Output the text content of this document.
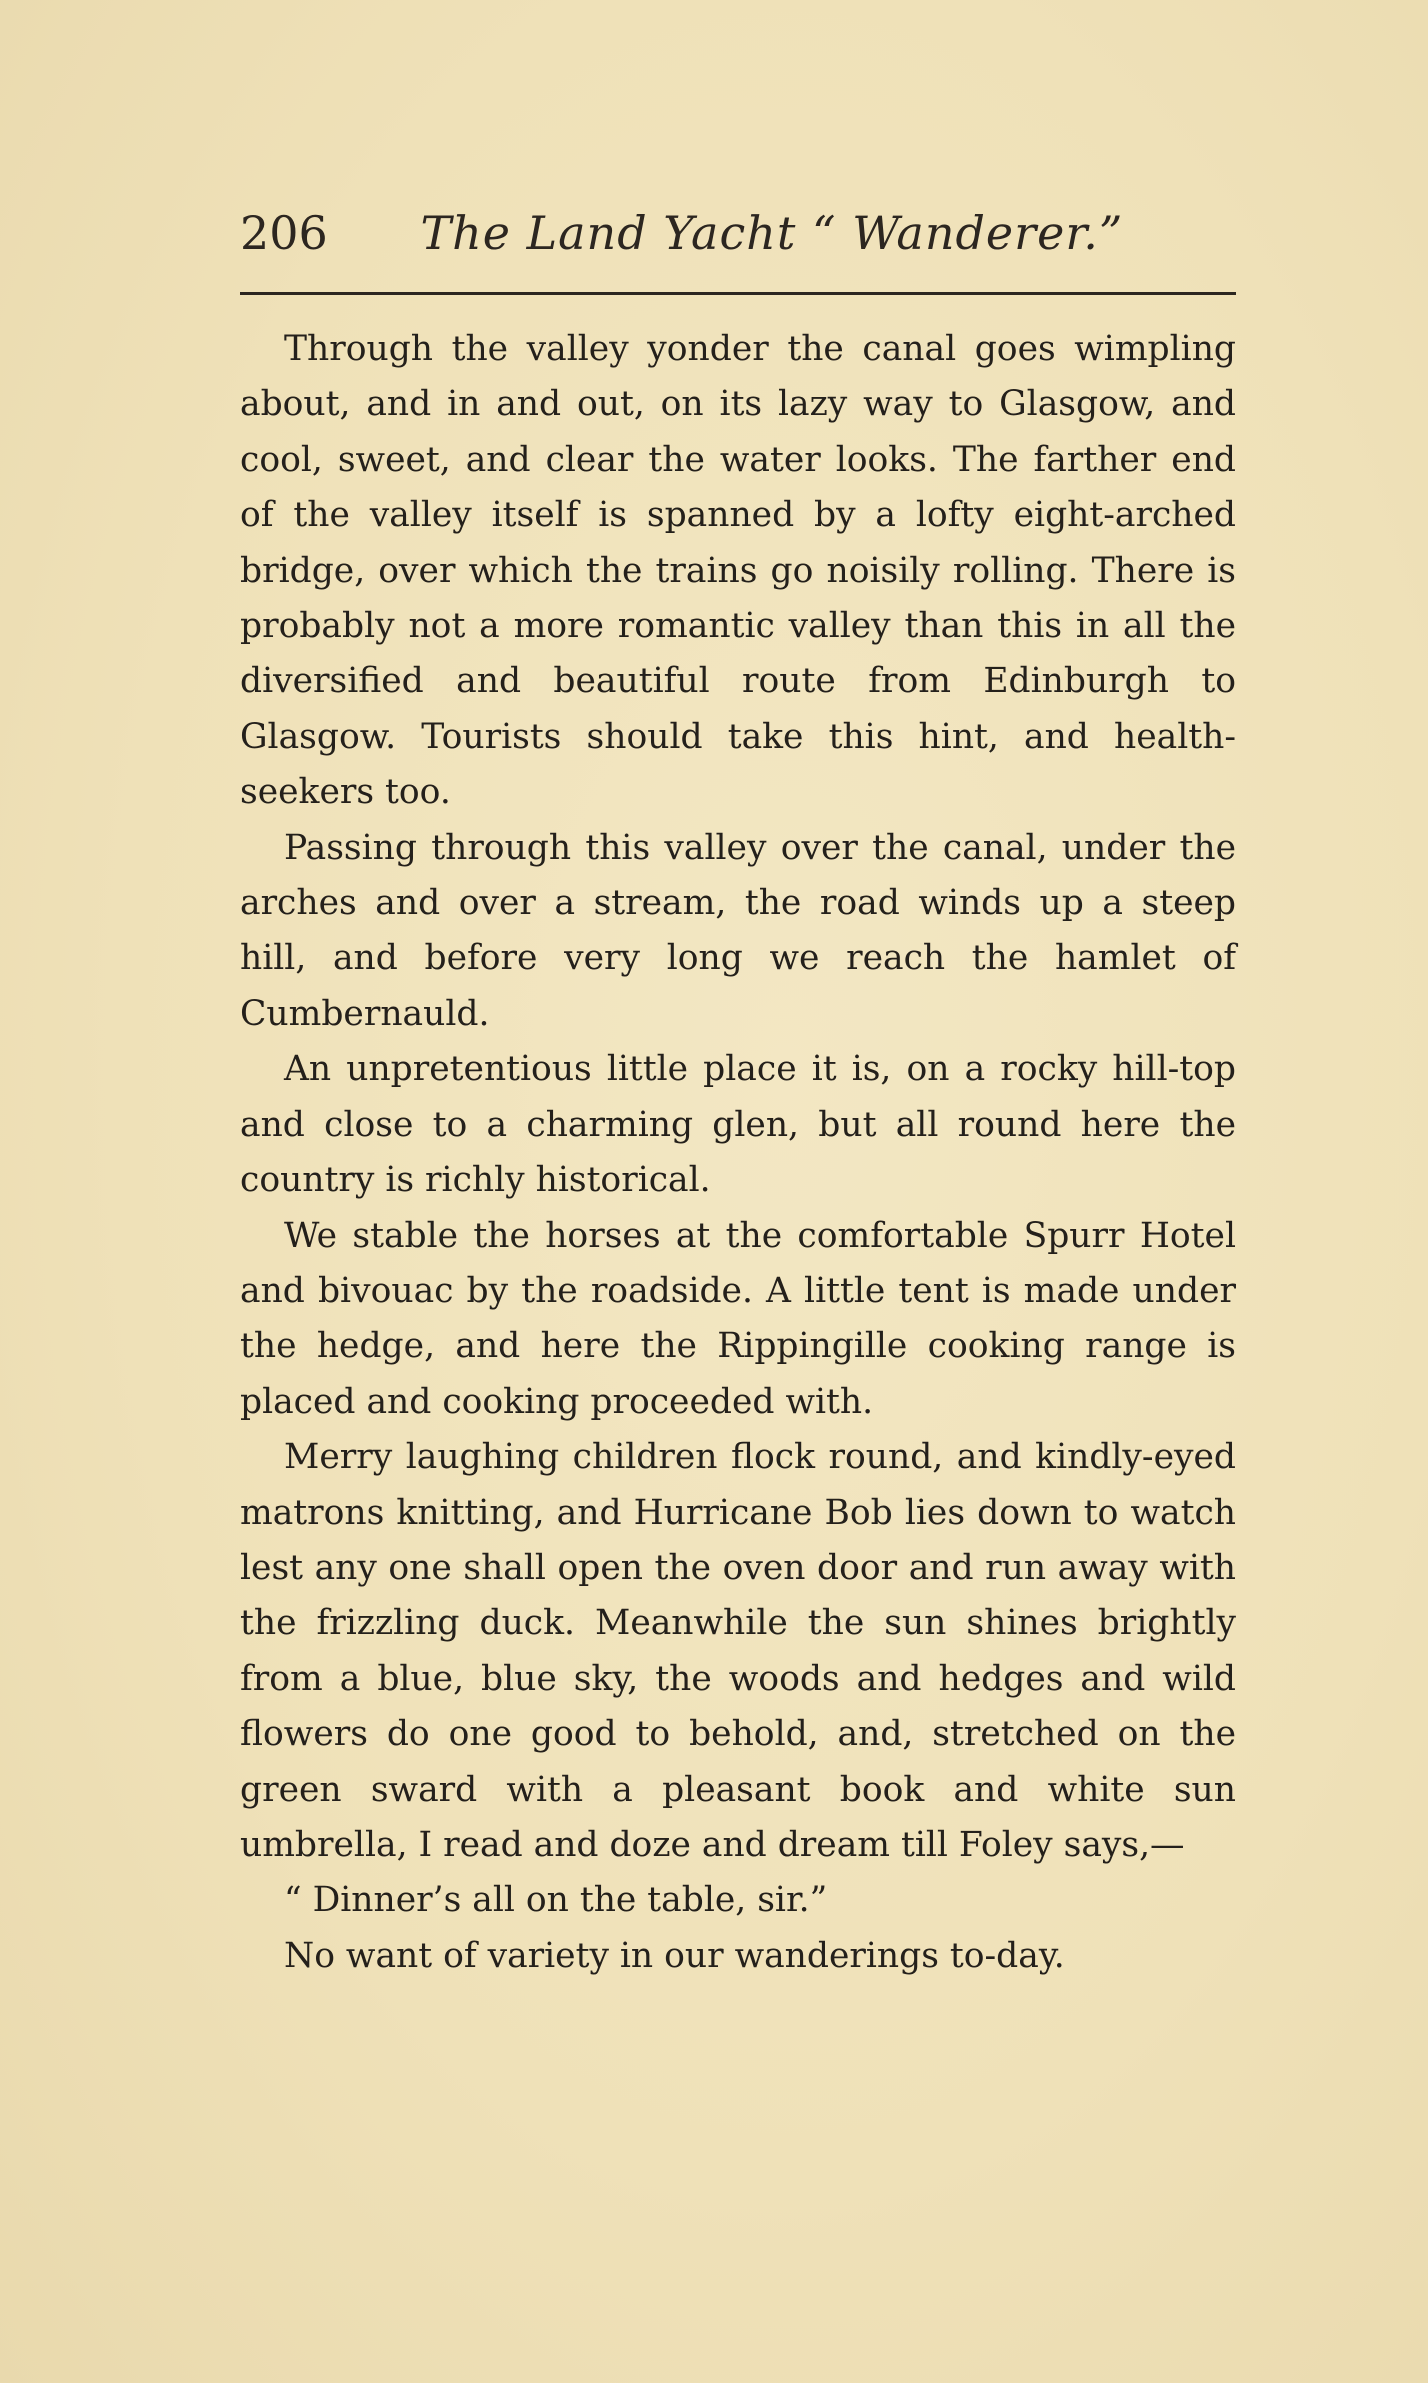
206 The Land Yacht “ Wanderer.”

Through the valley yonder the canal goes wimpling about, and in and out, on its lazy way to Glasgow, and cool, sweet, and clear the water looks. The farther end of the valley itself is spanned by a lofty eight-arched bridge, over which the trains go noisily rolling. There is probably not a more romantic valley than this in all the diversified and beautiful route from Edinburgh to Glasgow. Tourists should take this hint, and health-seekers too.

Passing through this valley over the canal, under the arches and over a stream, the road winds up a steep hill, and before very long we reach the hamlet of Cumbernauld.

An unpretentious little place it is, on a rocky hill-top and close to a charming glen, but all round here the country is richly historical.

We stable the horses at the comfortable Spurr Hotel and bivouac by the roadside. A little tent is made under the hedge, and here the Rippingille cooking range is placed and cooking proceeded with.

Merry laughing children flock round, and kindly-eyed matrons knitting, and Hurricane Bob lies down to watch lest any one shall open the oven door and run away with the frizzling duck. Meanwhile the sun shines brightly from a blue, blue sky, the woods and hedges and wild flowers do one good to behold, and, stretched on the green sward with a pleasant book and white sun umbrella, I read and doze and dream till Foley says,—

“ Dinner’s all on the table, sir.”

No want of variety in our wanderings to-day.
